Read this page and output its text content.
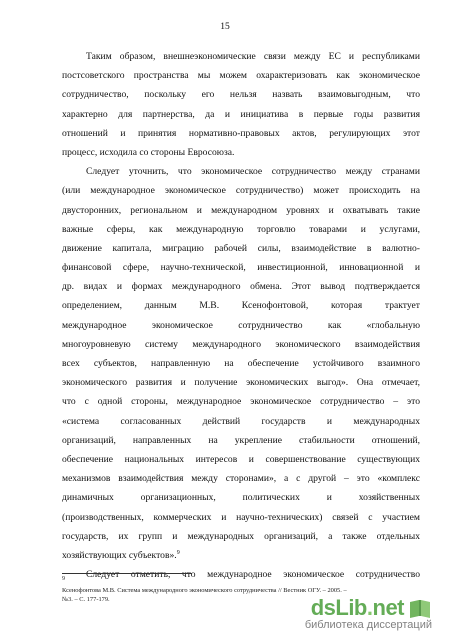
15
Таким образом, внешнеэкономические связи между ЕС и республиками
постсоветского пространства мы можем охарактеризовать как экономическое
сотрудничество, поскольку его нельзя назвать взаимовыгодным, что
характерно для партнерства, да и инициатива в первые годы развития
отношений и принятия нормативно-правовых актов, регулирующих этот
процесс, исходила со стороны Евросоюза.
Следует уточнить, что экономическое сотрудничество между странами
(или международное экономическое сотрудничество) может происходить на
двусторонних, региональном и международном уровнях и охватывать такие
важные сферы, как международную торговлю товарами и услугами,
движение капитала, миграцию рабочей силы, взаимодействие в валютно-
финансовой сфере, научно-технической, инвестиционной, инновационной и
др. видах и формах международного обмена. Этот вывод подтверждается
определением, данным М.В. Ксенофонтовой, которая трактует
международное экономическое сотрудничество как «глобальную
многоуровневую систему международного экономического взаимодействия
всех субъектов, направленную на обеспечение устойчивого взаимного
экономического развития и получение экономических выгод». Она отмечает,
что с одной стороны, международное экономическое сотрудничество – это
«система согласованных действий государств и международных
организаций, направленных на укрепление стабильности отношений,
обеспечение национальных интересов и совершенствование существующих
механизмов взаимодействия между сторонами», а с другой – это «комплекс
динамичных организационных, политических и хозяйственных
(производственных, коммерческих и научно-технических) связей с участием
государств, их групп и международных организаций, а также отдельных
хозяйствующих субъектов».$^9$
Следует отметить, что международное экономическое сотрудничество
$^9$
Ксенофонтова М.В. Система международного экономического сотрудничества // Вестник ОГУ. – 2005. –
№3. – С. 177-179.	dsLib.net
библиотека диссертаций
